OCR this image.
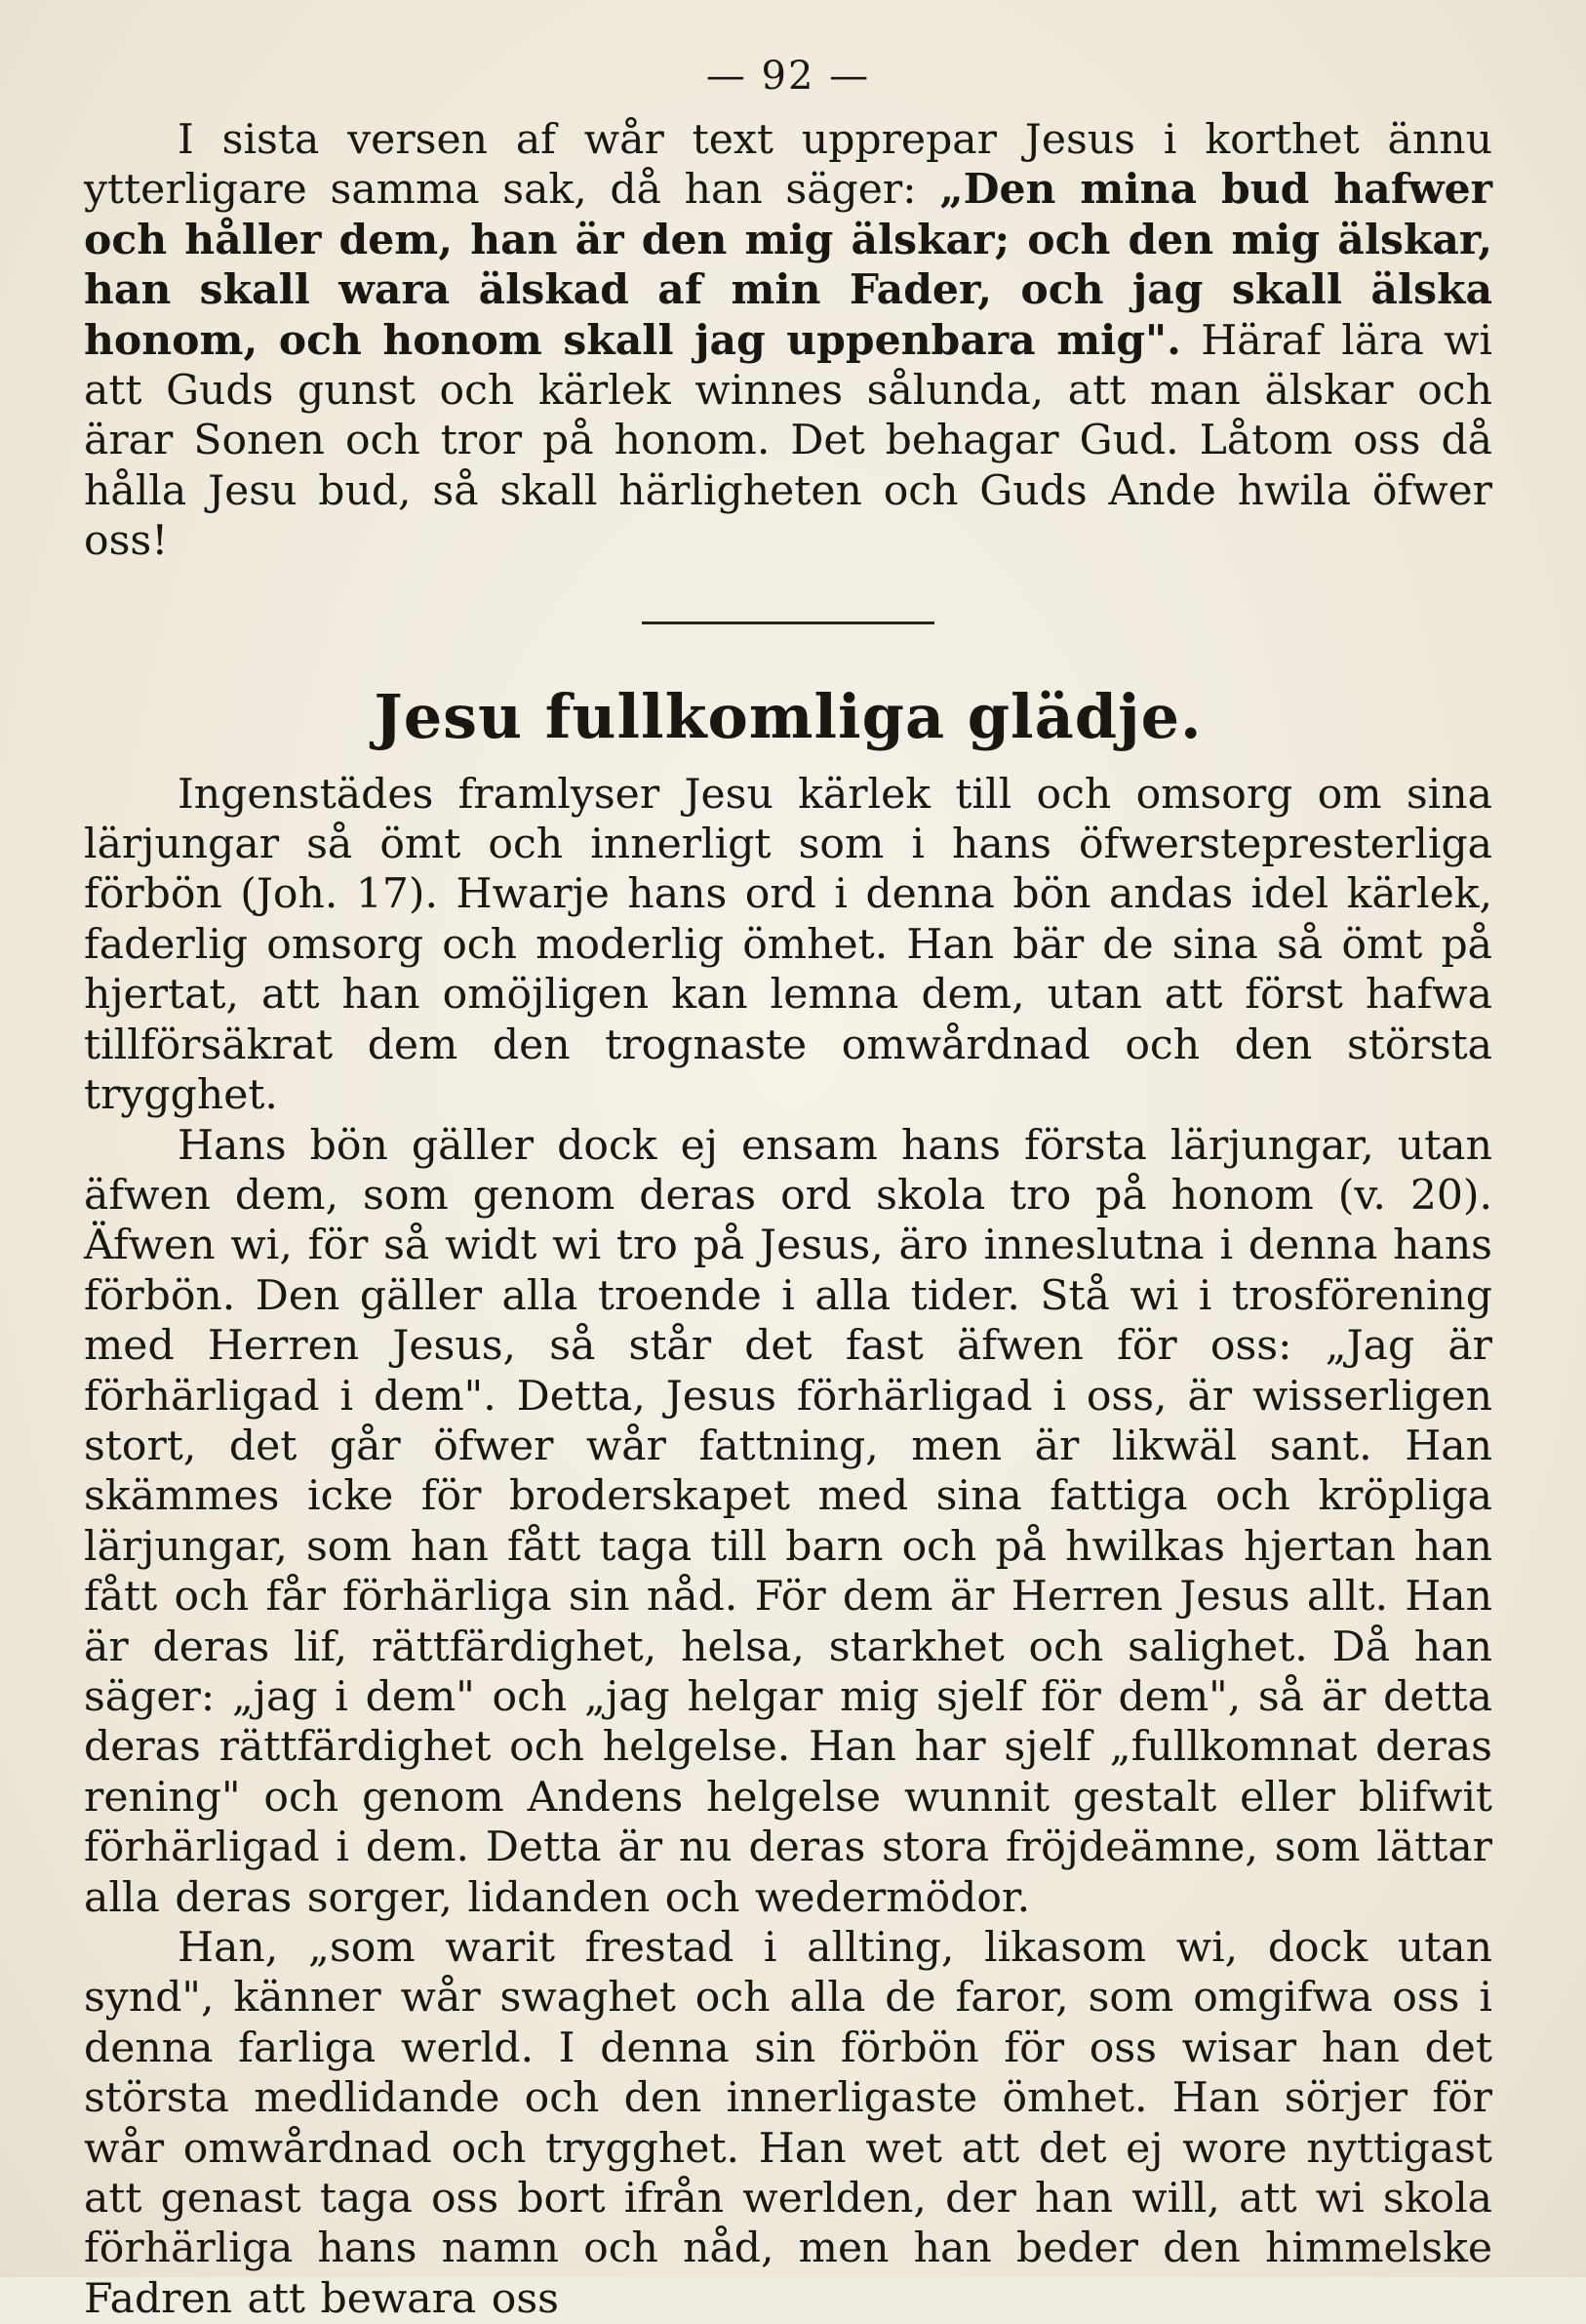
— 92 —

I sista versen af wår text upprepar Jesus i korthet ännu ytterligare samma sak, då han säger: „Den mina bud hafwer och håller dem, han är den mig älskar; och den mig älskar, han skall wara älskad af min Fader, och jag skall älska honom, och honom skall jag uppenbara mig". Häraf lära wi att Guds gunst och kärlek winnes sålunda, att man älskar och ärar Sonen och tror på honom. Det behagar Gud. Låtom oss då hålla Jesu bud, så skall härligheten och Guds Ande hwila öfwer oss!

Jesu fullkomliga glädje.

Ingenstädes framlyser Jesu kärlek till och omsorg om sina lärjungar så ömt och innerligt som i hans öfwerstepresterliga förbön (Joh. 17). Hwarje hans ord i denna bön andas idel kärlek, faderlig omsorg och moderlig ömhet. Han bär de sina så ömt på hjertat, att han omöjligen kan lemna dem, utan att först hafwa tillförsäkrat dem den trognaste omwårdnad och den största trygghet.

Hans bön gäller dock ej ensam hans första lärjungar, utan äfwen dem, som genom deras ord skola tro på honom (v. 20). Äfwen wi, för så widt wi tro på Jesus, äro inneslutna i denna hans förbön. Den gäller alla troende i alla tider. Stå wi i trosförening med Herren Jesus, så står det fast äfwen för oss: „Jag är förhärligad i dem". Detta, Jesus förhärligad i oss, är wisserligen stort, det går öfwer wår fattning, men är likwäl sant. Han skämmes icke för broderskapet med sina fattiga och kröpliga lärjungar, som han fått taga till barn och på hwilkas hjertan han fått och får förhärliga sin nåd. För dem är Herren Jesus allt. Han är deras lif, rättfärdighet, helsa, starkhet och salighet. Då han säger: „jag i dem" och „jag helgar mig sjelf för dem", så är detta deras rättfärdighet och helgelse. Han har sjelf „fullkomnat deras rening" och genom Andens helgelse wunnit gestalt eller blifwit förhärligad i dem. Detta är nu deras stora fröjdeämne, som lättar alla deras sorger, lidanden och wedermödor.

Han, „som warit frestad i allting, likasom wi, dock utan synd", känner wår swaghet och alla de faror, som omgifwa oss i denna farliga werld. I denna sin förbön för oss wisar han det största medlidande och den innerligaste ömhet. Han sörjer för wår omwårdnad och trygghet. Han wet att det ej wore nyttigast att genast taga oss bort ifrån werlden, der han will, att wi skola förhärliga hans namn och nåd, men han beder den himmelske Fadren att bewara oss
